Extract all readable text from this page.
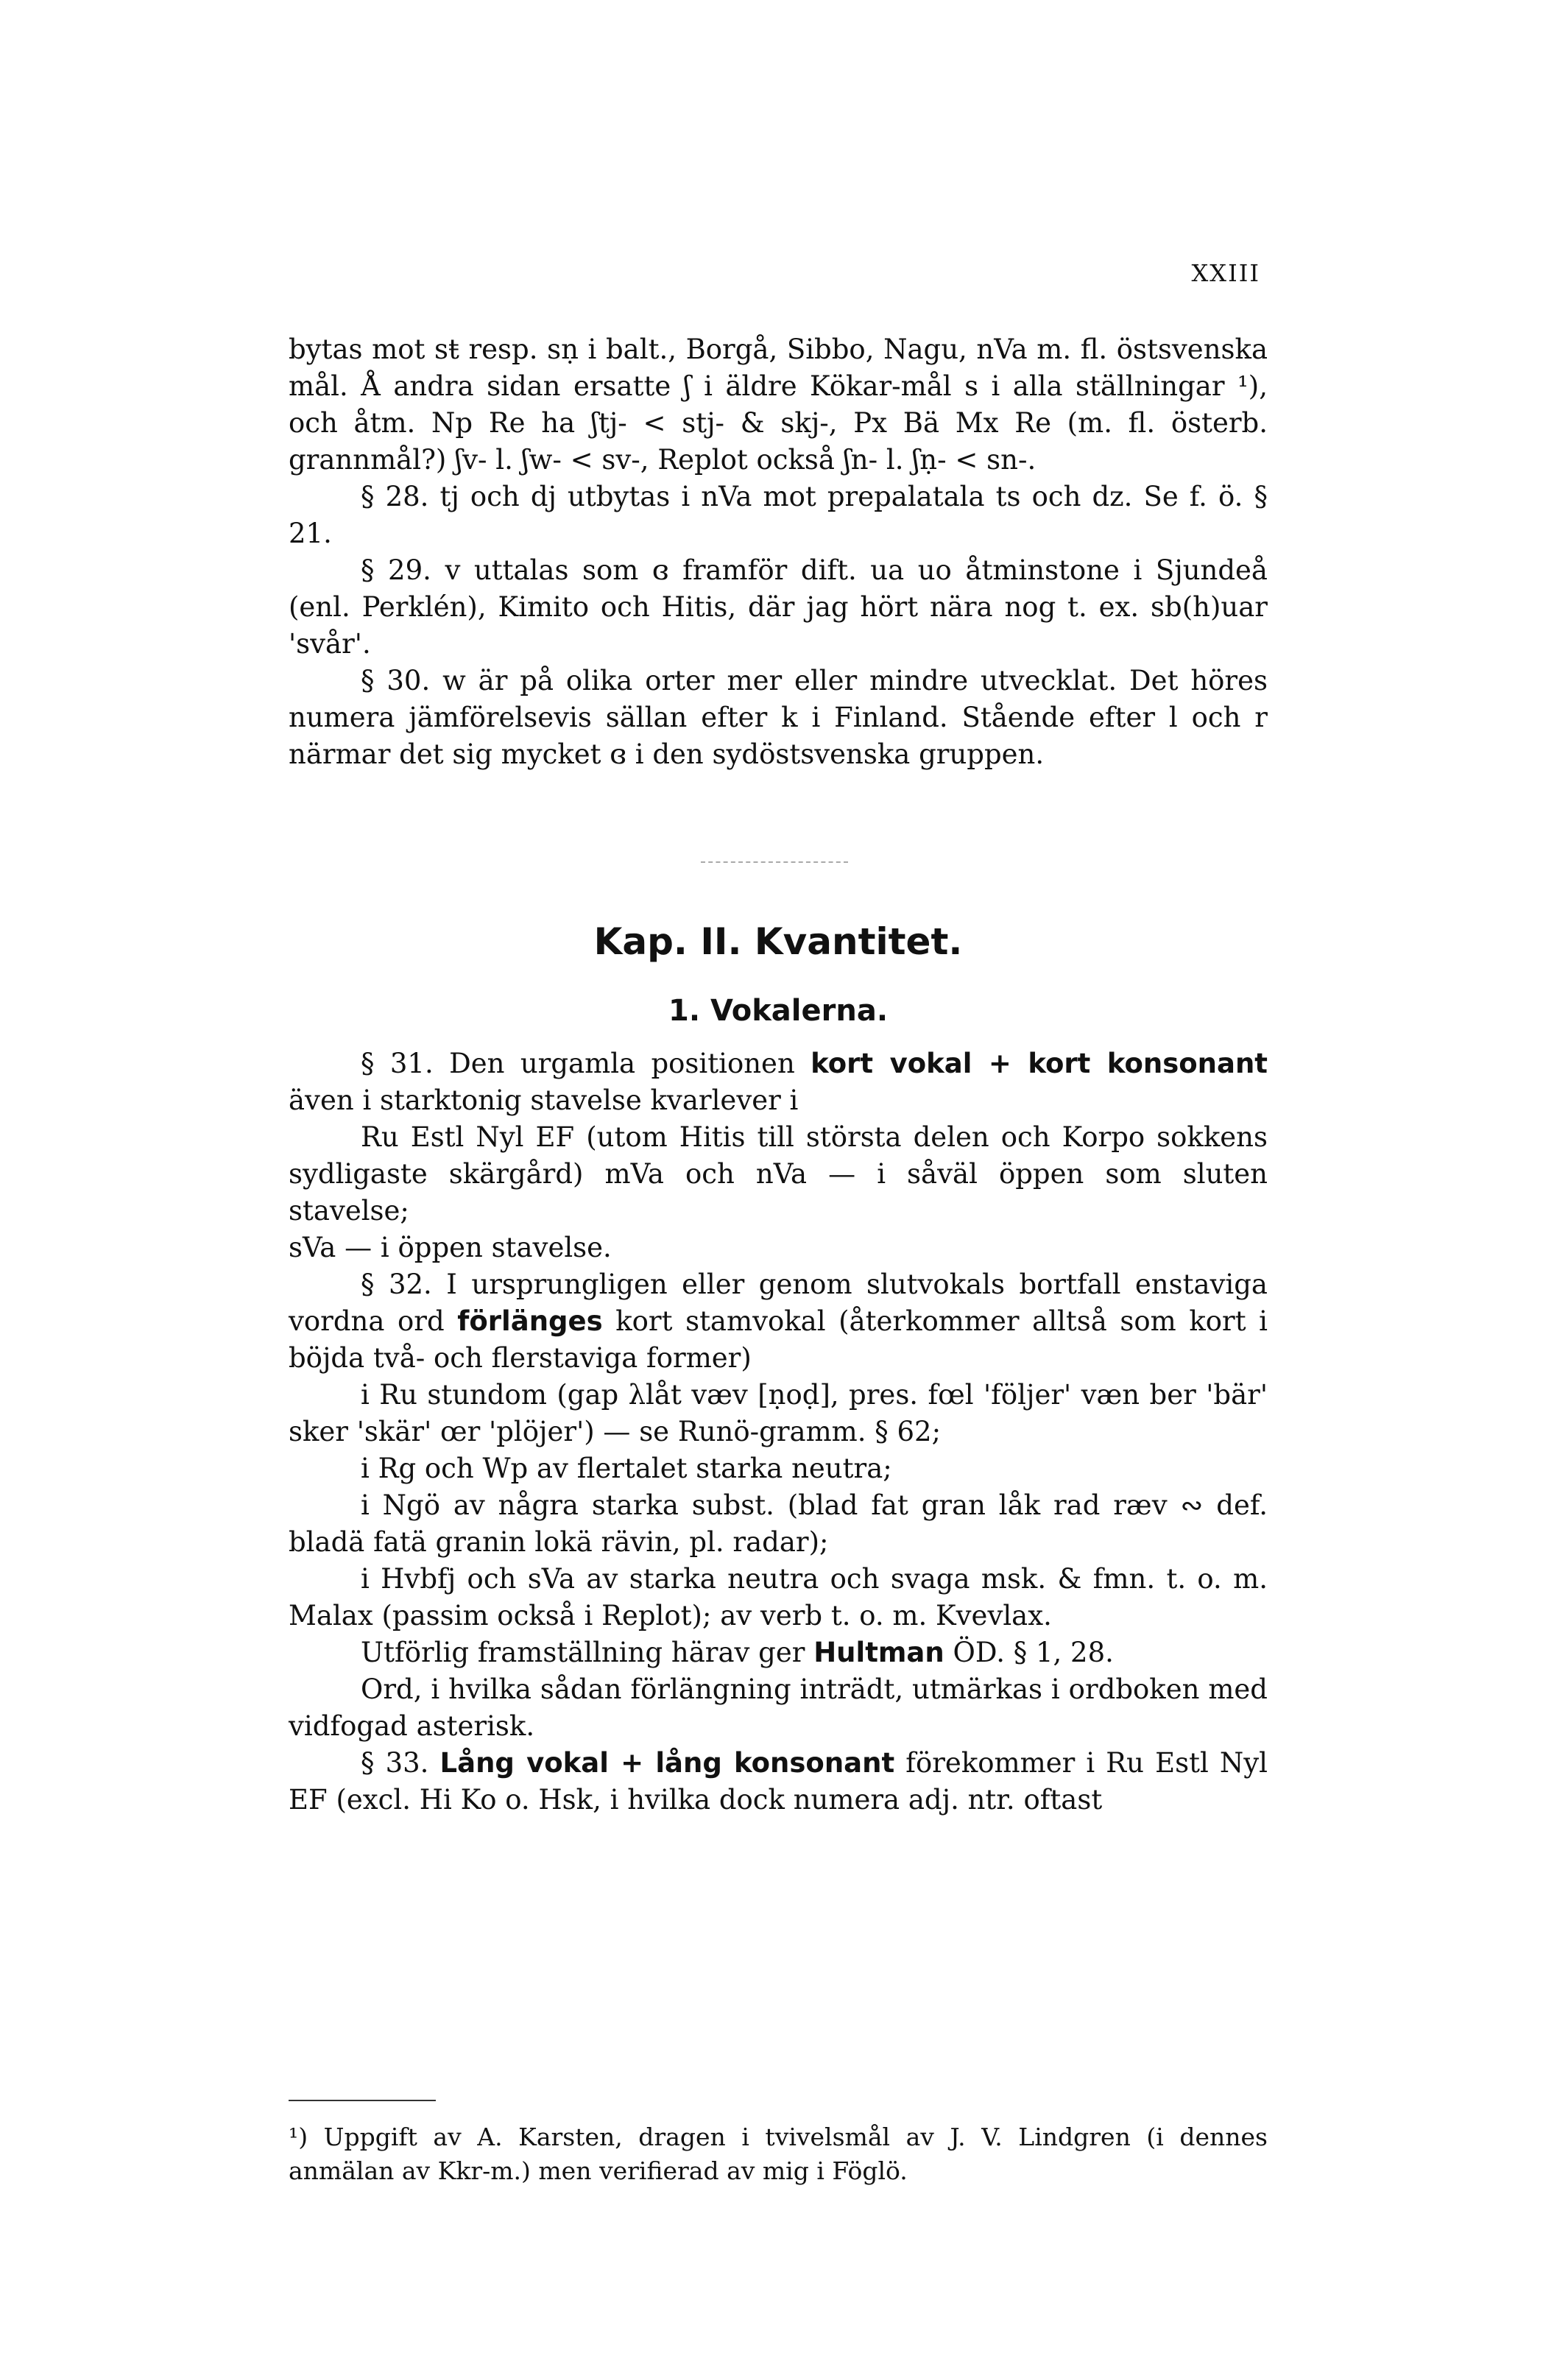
XXIII

bytas mot sŧ resp. sṇ i balt., Borgå, Sibbo, Nagu, nVa m. fl. östsvenska mål. Å andra sidan ersatte ʃ i äldre Kökar-mål s i alla ställningar ¹), och åtm. Np Re ha ʃtj- < stj- & skj-, Px Bä Mx Re (m. fl. österb. grannmål?) ʃv- l. ʃw- < sv-, Replot också ʃn- l. ʃṇ- < sn-.

§ 28. tj och dj utbytas i nVa mot prepalatala ts och dz. Se f. ö. § 21.

§ 29. v uttalas som ɞ framför dift. ua uo åtminstone i Sjundeå (enl. Perklén), Kimito och Hitis, där jag hört nära nog t. ex. sb(h)uar 'svår'.

§ 30. w är på olika orter mer eller mindre utvecklat. Det höres numera jämförelsevis sällan efter k i Finland. Stående efter l och r närmar det sig mycket ɞ i den sydöstsvenska gruppen.

Kap. II. Kvantitet.
1. Vokalerna.

§ 31. Den urgamla positionen kort vokal + kort konsonant även i starktonig stavelse kvarlever i

Ru Estl Nyl EF (utom Hitis till största delen och Korpo sokkens sydligaste skärgård) mVa och nVa — i såväl öppen som sluten stavelse;

sVa — i öppen stavelse.

§ 32. I ursprungligen eller genom slutvokals bortfall enstaviga vordna ord förlänges kort stamvokal (återkommer alltså som kort i böjda två- och flerstaviga former)

i Ru stundom (gap λlåt væv [ṇoḍ], pres. fœl 'följer' væn ber 'bär' sker 'skär' œr 'plöjer') — se Runö-gramm. § 62;

i Rg och Wp av flertalet starka neutra;

i Ngö av några starka subst. (blad fat gran låk rad ræv ∾ def. bladä fatä granin lokä rävin, pl. radar);

i Hvbfj och sVa av starka neutra och svaga msk. & fmn. t. o. m. Malax (passim också i Replot); av verb t. o. m. Kvevlax.

Utförlig framställning härav ger Hultman ÖD. § 1, 28.

Ord, i hvilka sådan förlängning inträdt, utmärkas i ordboken med vidfogad asterisk.

§ 33. Lång vokal + lång konsonant förekommer i Ru Estl Nyl EF (excl. Hi Ko o. Hsk, i hvilka dock numera adj. ntr. oftast

¹) Uppgift av A. Karsten, dragen i tvivelsmål av J. V. Lindgren (i dennes anmälan av Kkr-m.) men verifierad av mig i Föglö.
